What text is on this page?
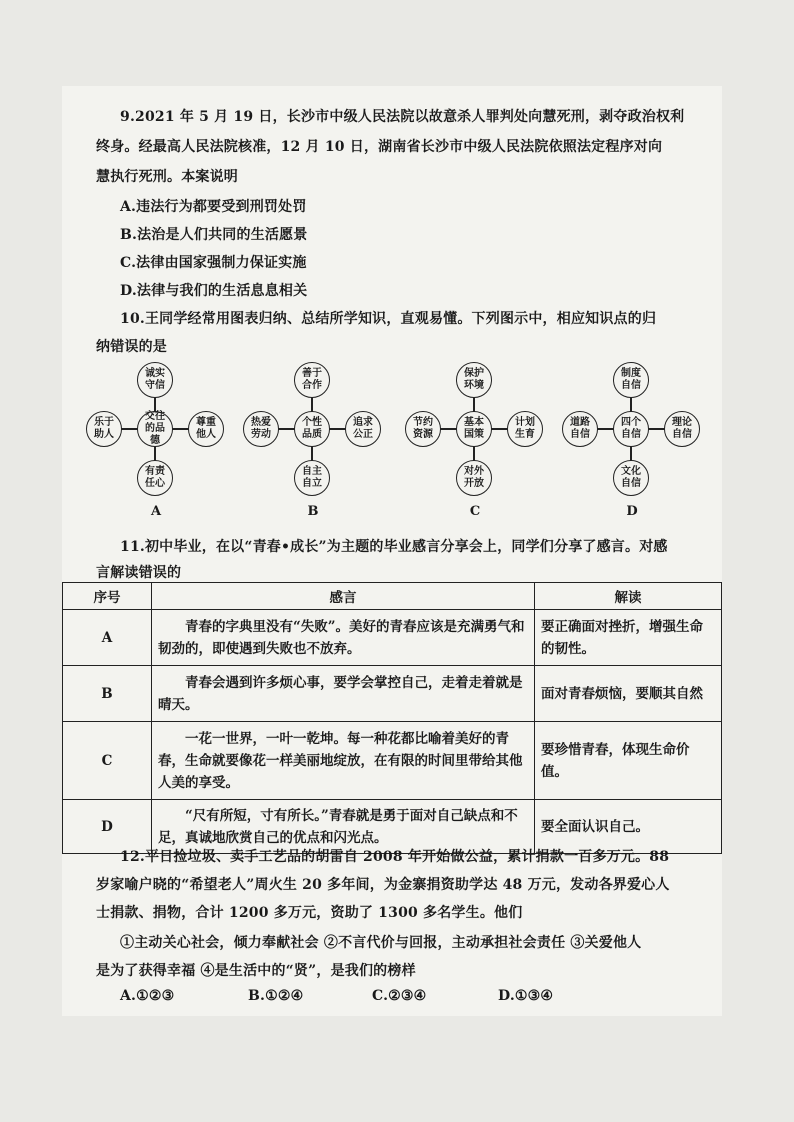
9.2021 年 5 月 19 日，长沙市中级人民法院以故意杀人罪判处向慧死刑，剥夺政治权利
终身。经最高人民法院核准，12 月 10 日，湖南省长沙市中级人民法院依照法定程序对向
慧执行死刑。本案说明
A.违法行为都要受到刑罚处罚
B.法治是人们共同的生活愿景
C.法律由国家强制力保证实施
D.法律与我们的生活息息相关
10.王同学经常用图表归纳、总结所学知识，直观易懂。下列图示中，相应知识点的归
纳错误的是
诚实守信
乐于助人
交往的品德
尊重他人
有责任心
A
善于合作
热爱劳动
个性品质
追求公正
自主自立
B
保护环境
节约资源
基本国策
计划生育
对外开放
C
制度自信
道路自信
四个自信
理论自信
文化自信
D
11.初中毕业，在以“青春•成长”为主题的毕业感言分享会上，同学们分享了感言。对感
言解读错误的
序号	感言	解读
A	青春的字典里没有“失败”。美好的青春应该是充满勇气和韧劲的，即使遇到失败也不放弃。	要正确面对挫折，增强生命的韧性。
B	青春会遇到许多烦心事，要学会掌控自己，走着走着就是晴天。	面对青春烦恼，要顺其自然
C	一花一世界，一叶一乾坤。每一种花都比喻着美好的青春，生命就要像花一样美丽地绽放，在有限的时间里带给其他人美的享受。	要珍惜青春，体现生命价值。
D	“尺有所短，寸有所长。”青春就是勇于面对自己缺点和不足，真诚地欣赏自己的优点和闪光点。	要全面认识自己。
12.平日捡垃圾、卖手工艺品的胡雷自 2008 年开始做公益，累计捐款一百多万元。88
岁家喻户晓的“希望老人”周火生 20 多年间，为金寨捐资助学达 48 万元，发动各界爱心人
士捐款、捐物，合计 1200 多万元，资助了 1300 多名学生。他们
①主动关心社会，倾力奉献社会 ②不言代价与回报，主动承担社会责任 ③关爱他人
是为了获得幸福 ④是生活中的“贤”，是我们的榜样
A.①②③	B.①②④	C.②③④	D.①③④
